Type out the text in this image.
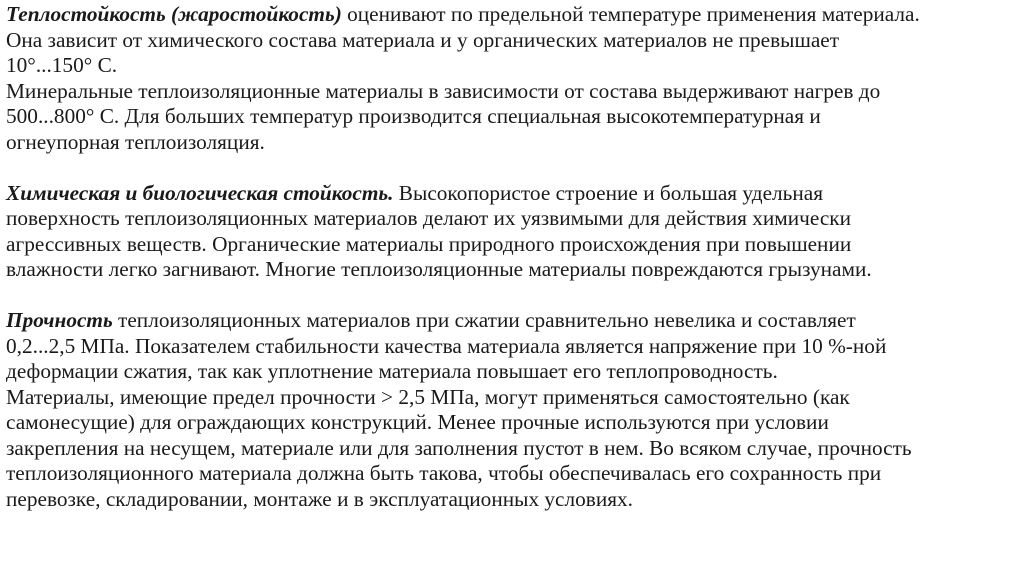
Теплостойкость (жаростойкость) оценивают по предельной температуре применения материала.
Она зависит от химического состава материала и у органических материалов не превышает
10°...150° С.
Минеральные теплоизоляционные материалы в зависимости от состава выдерживают нагрев до
500...800° С. Для больших температур производится специальная высокотемпературная и
огнеупорная теплоизоляция.
Химическая и биологическая стойкость. Высокопористое строение и большая удельная
поверхность теплоизоляционных материалов делают их уязвимыми для действия химически
агрессивных веществ. Органические материалы природного происхождения при повышении
влажности легко загнивают. Многие теплоизоляционные материалы повреждаются грызунами.
Прочность теплоизоляционных материалов при сжатии сравнительно невелика и составляет
0,2...2,5 МПа. Показателем стабильности качества материала является напряжение при 10 %-ной
деформации сжатия, так как уплотнение материала повышает его теплопроводность.
Материалы, имеющие предел прочности > 2,5 МПа, могут применяться самостоятельно (как
самонесущие) для ограждающих конструкций. Менее прочные используются при условии
закрепления на несущем, материале или для заполнения пустот в нем. Во всяком случае, прочность
теплоизоляционного материала должна быть такова, чтобы обеспечивалась его сохранность при
перевозке, складировании, монтаже и в эксплуатационных условиях.
